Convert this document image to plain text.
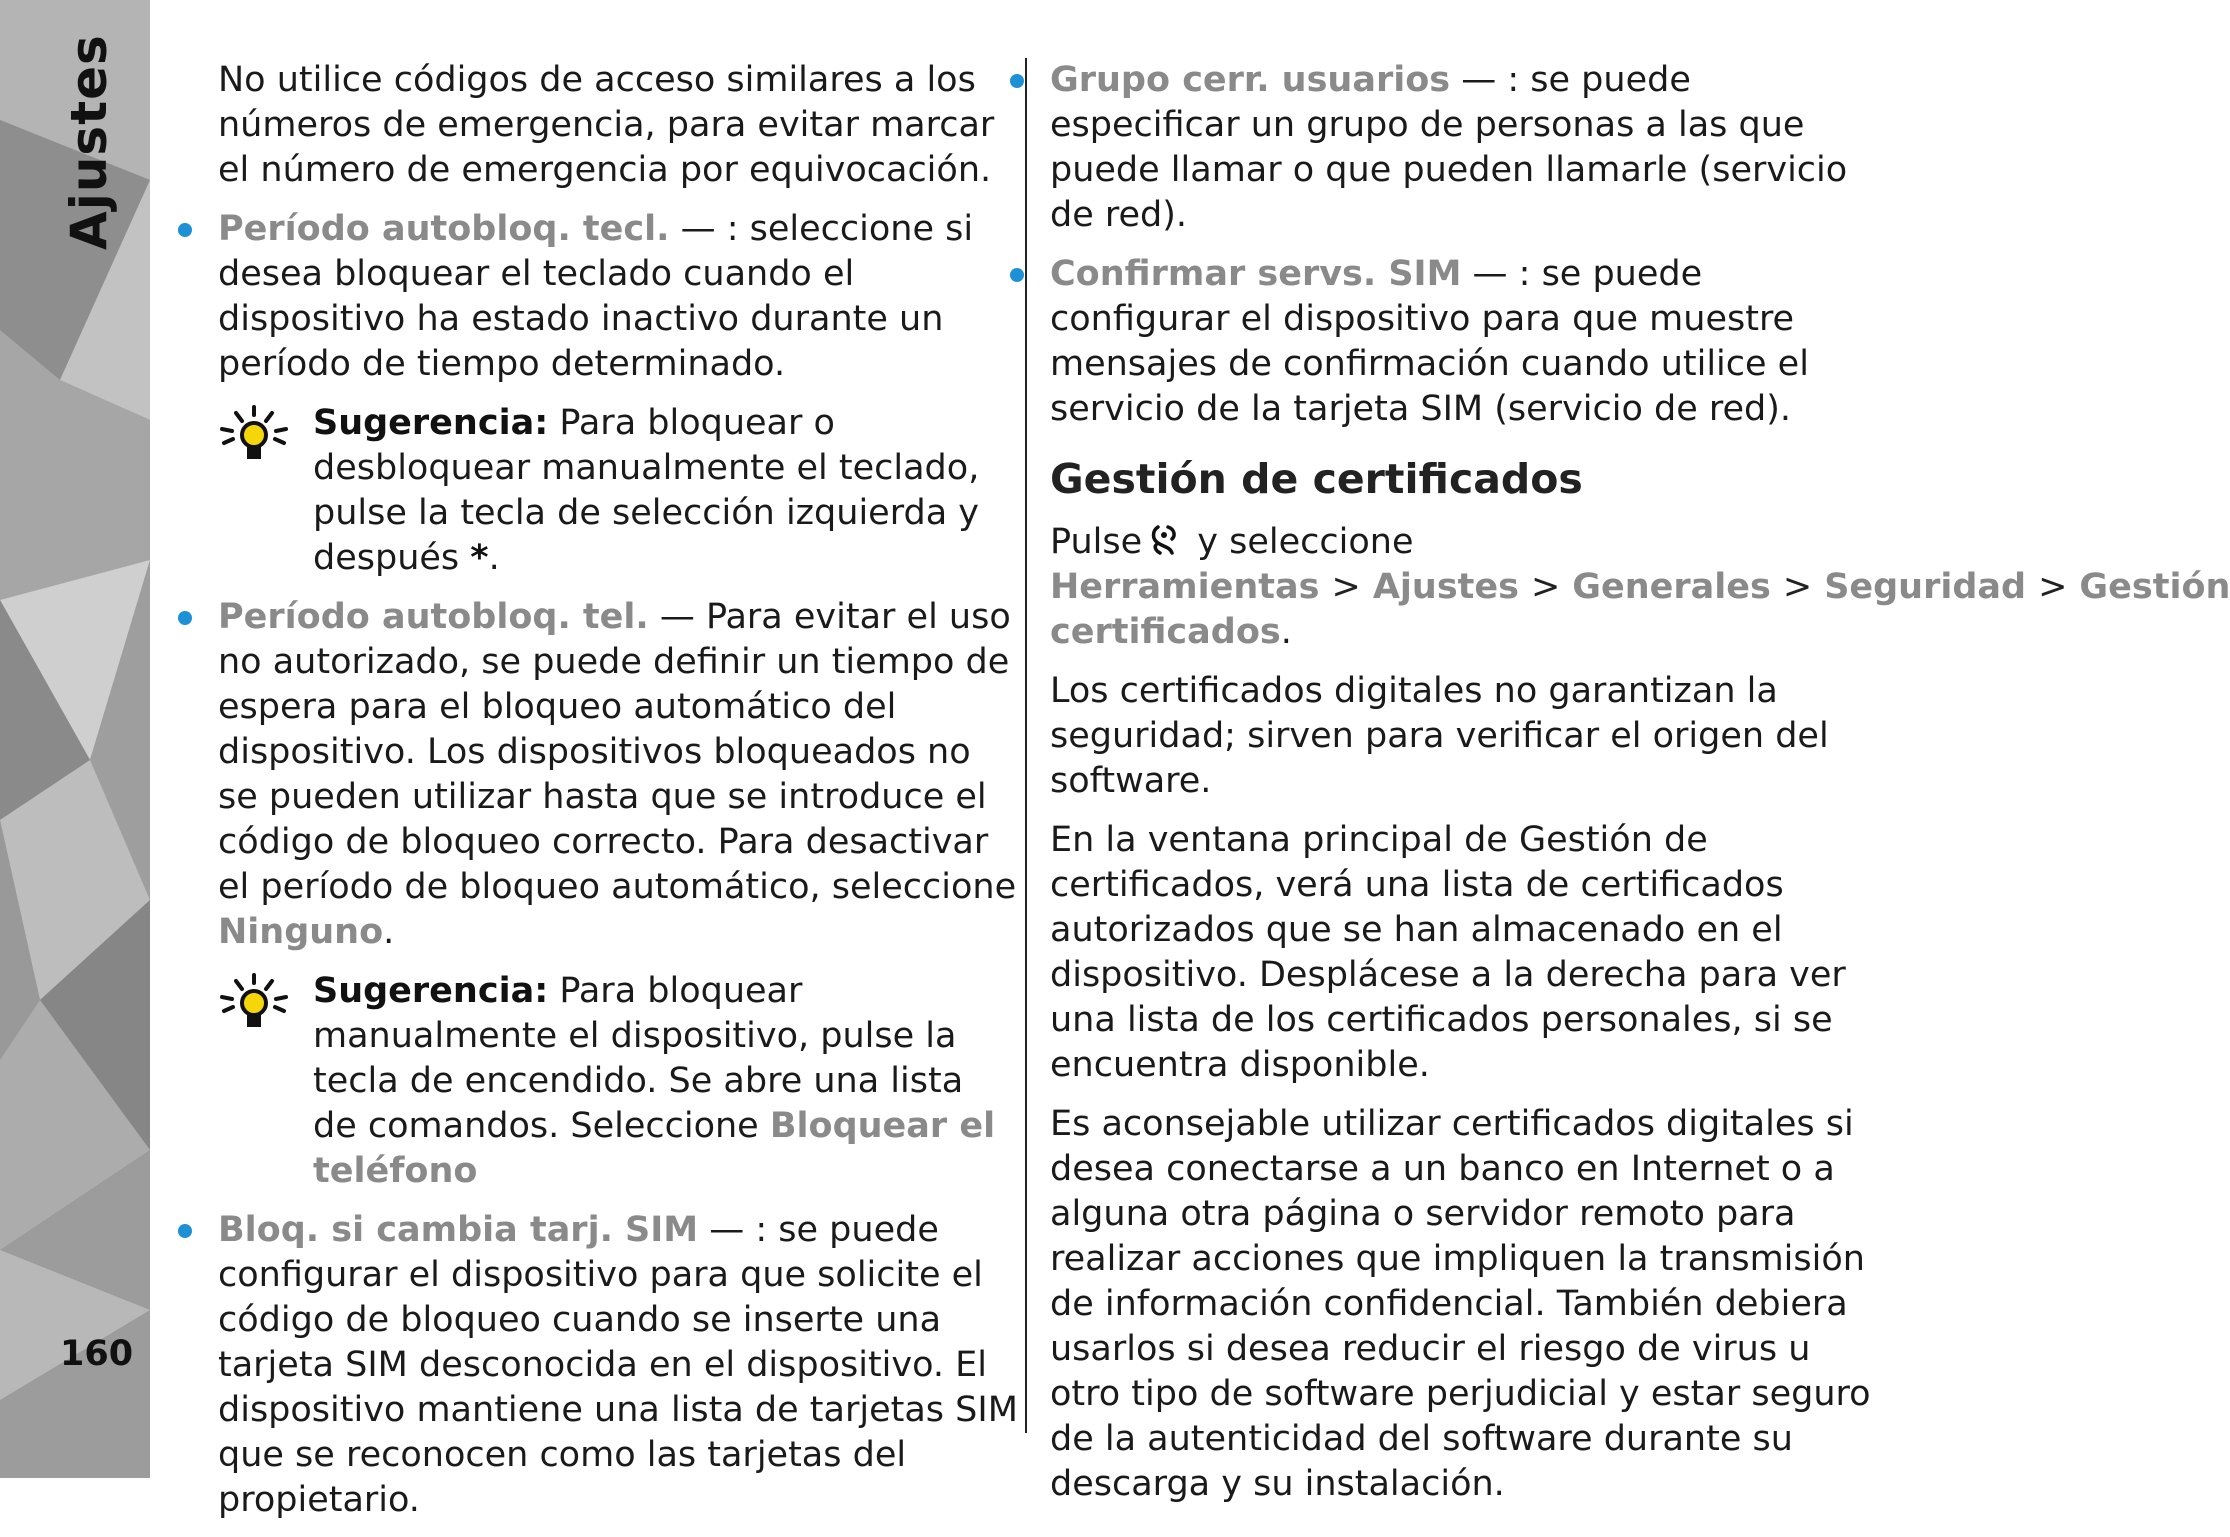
Ajustes
160

No utilice códigos de acceso similares a los números de emergencia, para evitar marcar el número de emergencia por equivocación.

Período autobloq. tecl. — : seleccione si desea bloquear el teclado cuando el dispositivo ha estado inactivo durante un período de tiempo determinado.
Sugerencia: Para bloquear o desbloquear manualmente el teclado, pulse la tecla de selección izquierda y después *.
Período autobloq. tel. — Para evitar el uso no autorizado, se puede definir un tiempo de espera para el bloqueo automático del dispositivo. Los dispositivos bloqueados no se pueden utilizar hasta que se introduce el código de bloqueo correcto. Para desactivar el período de bloqueo automático, seleccione Ninguno.
Sugerencia: Para bloquear manualmente el dispositivo, pulse la tecla de encendido. Se abre una lista de comandos. Seleccione Bloquear el teléfono
Bloq. si cambia tarj. SIM — : se puede configurar el dispositivo para que solicite el código de bloqueo cuando se inserte una tarjeta SIM desconocida en el dispositivo. El dispositivo mantiene una lista de tarjetas SIM que se reconocen como las tarjetas del propietario.
Grupo cerr. usuarios — : se puede especificar un grupo de personas a las que puede llamar o que pueden llamarle (servicio de red).
Confirmar servs. SIM — : se puede configurar el dispositivo para que muestre mensajes de confirmación cuando utilice el servicio de la tarjeta SIM (servicio de red).
Gestión de certificados

Pulse y seleccione Herramientas > Ajustes > Generales > Seguridad > Gestión certificados.

Los certificados digitales no garantizan la seguridad; sirven para verificar el origen del software.

En la ventana principal de Gestión de certificados, verá una lista de certificados autorizados que se han almacenado en el dispositivo. Desplácese a la derecha para ver una lista de los certificados personales, si se encuentra disponible.

Es aconsejable utilizar certificados digitales si desea conectarse a un banco en Internet o a alguna otra página o servidor remoto para realizar acciones que impliquen la transmisión de información confidencial. También debiera usarlos si desea reducir el riesgo de virus u otro tipo de software perjudicial y estar seguro de la autenticidad del software durante su descarga y su instalación.
